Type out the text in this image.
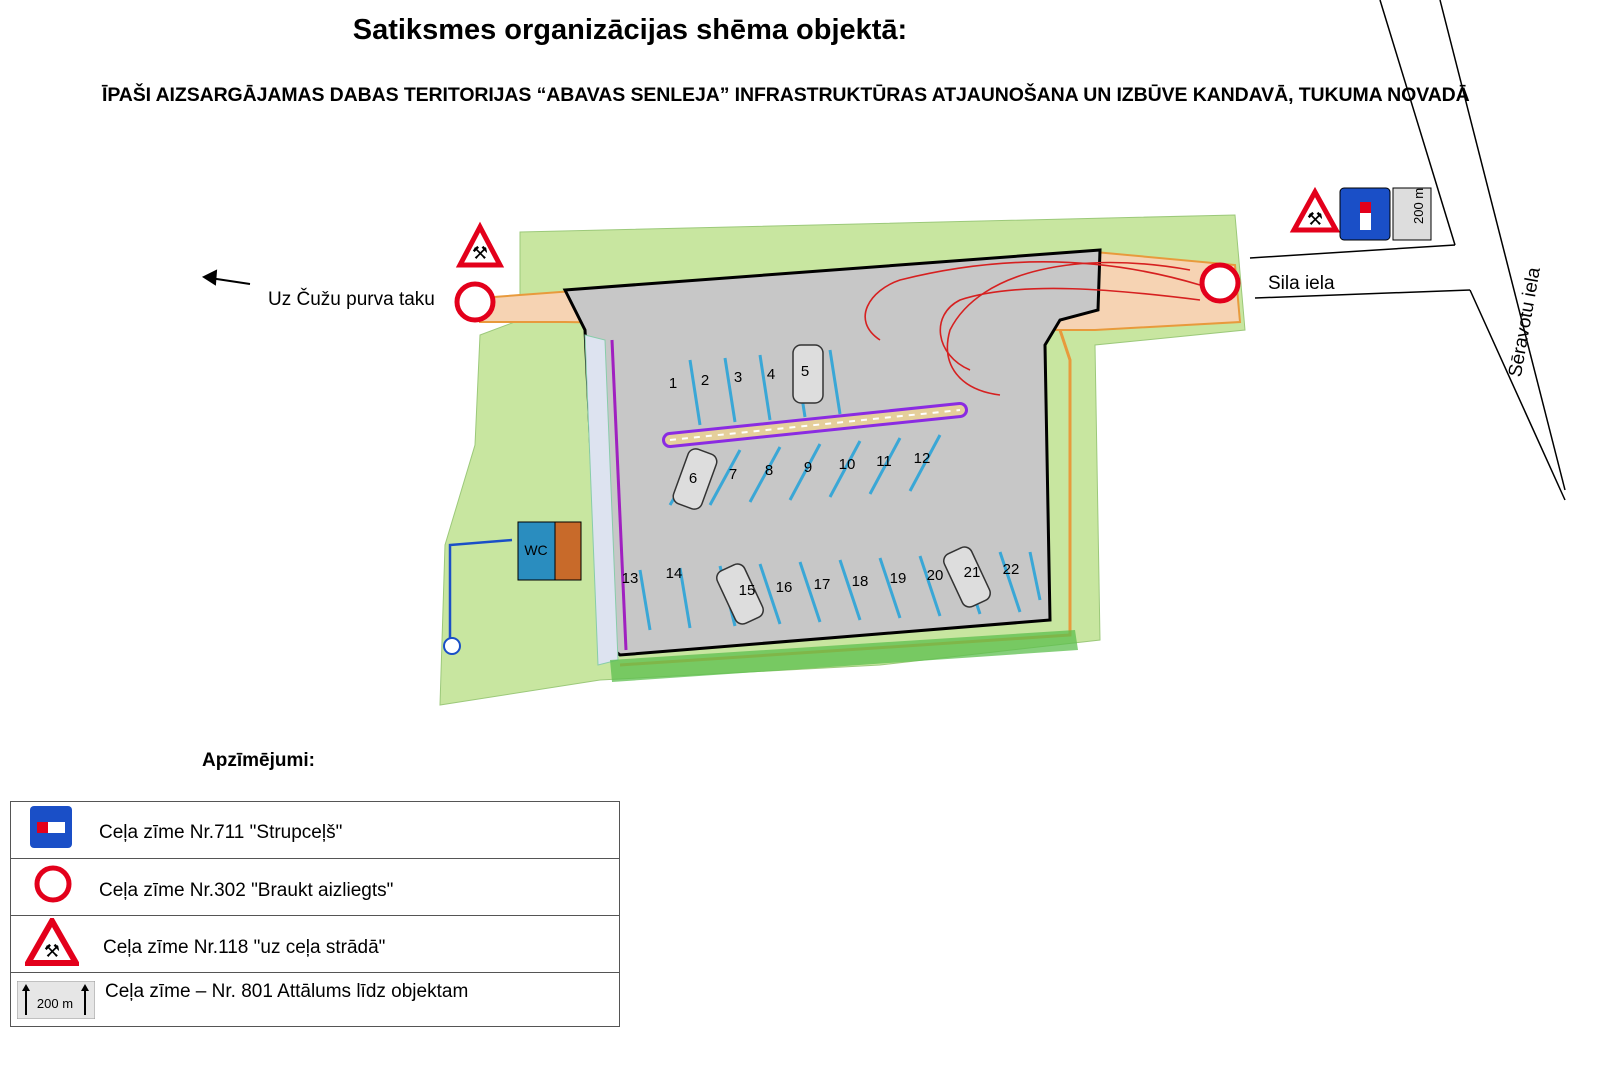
Satiksmes organizācijas shēma objektā:
ĪPAŠI AIZSARGĀJAMAS DABAS TERITORIJAS “ABAVAS SENLEJA” INFRASTRUKTŪRAS ATJAUNOŠANA UN IZBŪVE KANDAVĀ, TUKUMA NOVADĀ
WC
⚒
⚒	200 m
1 2 3 4 5
6 7 8 9 10 11 12
13 14
15 16 17 18 19 20 21 22
Uz Čužu purva taku
Sila iela	Sēravotu iela
Apzīmējumi:
Ceļa zīme Nr.711 "Strupceļš"
Ceļa zīme Nr.302 "Braukt aizliegts"
⚒ Ceļa zīme Nr.118 "uz ceļa strādā"
200 m
Ceļa zīme – Nr. 801 Attālums līdz objektam
